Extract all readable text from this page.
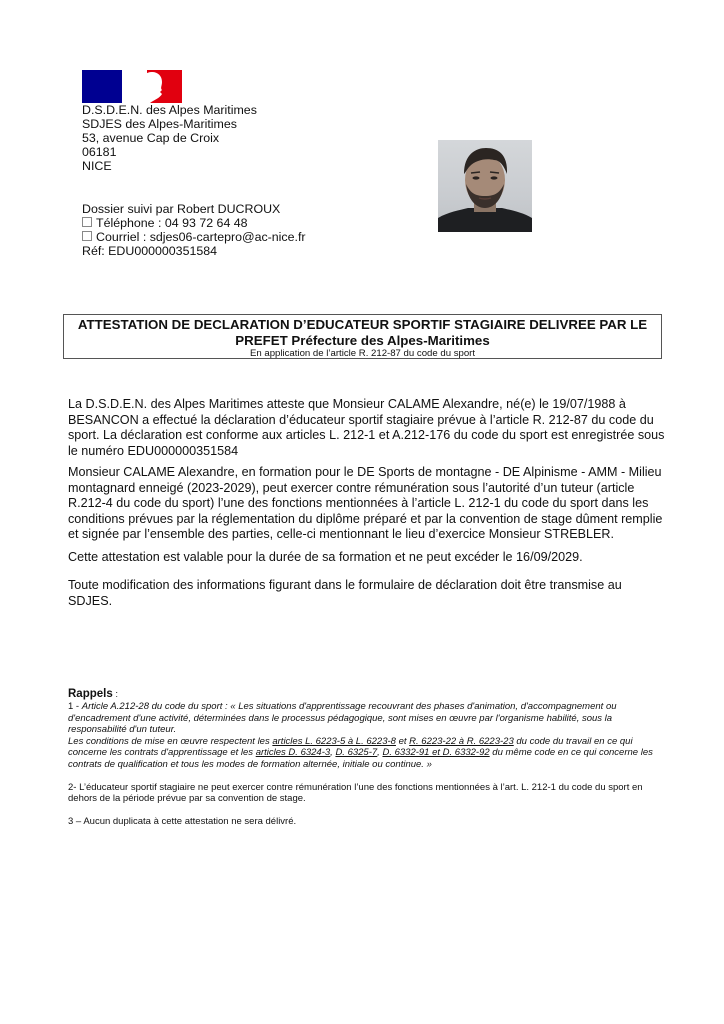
D.S.D.E.N. des Alpes Maritimes
SDJES des Alpes-Maritimes
53, avenue Cap de Croix
06181
NICE
Dossier suivi par Robert DUCROUX
Téléphone : 04 93 72 64 48
Courriel : sdjes06-cartepro@ac-nice.fr
Réf: EDU000000351584
ATTESTATION DE DECLARATION D’EDUCATEUR SPORTIF STAGIAIRE DELIVREE PAR LE
PREFET Préfecture des Alpes-Maritimes
En application de l’article R. 212-87 du code du sport
La D.S.D.E.N. des Alpes Maritimes atteste que Monsieur CALAME Alexandre, né(e) le 19/07/1988 à BESANCON a effectué la déclaration d’éducateur sportif stagiaire prévue à l’article R. 212-87 du code du sport. La déclaration est conforme aux articles L. 212-1 et A.212-176 du code du sport est enregistrée sous le numéro EDU000000351584
Monsieur CALAME Alexandre, en formation pour le DE Sports de montagne - DE Alpinisme - AMM - Milieu montagnard enneigé (2023-2029), peut exercer contre rémunération sous l’autorité d’un tuteur (article R.212-4 du code du sport) l’une des fonctions mentionnées à l’article L. 212-1 du code du sport dans les conditions prévues par la réglementation du diplôme préparé et par la convention de stage dûment remplie et signée par l’ensemble des parties, celle-ci mentionnant le lieu d’exercice Monsieur STREBLER.
Cette attestation est valable pour la durée de sa formation et ne peut excéder le 16/09/2029.
Toute modification des informations figurant dans le formulaire de déclaration doit être transmise au SDJES.
Rappels :
1 - Article A.212-28 du code du sport : « Les situations d'apprentissage recouvrant des phases d'animation, d'accompagnement ou d'encadrement d'une activité, déterminées dans le processus pédagogique, sont mises en œuvre par l'organisme habilité, sous la responsabilité d'un tuteur.
Les conditions de mise en œuvre respectent les articles L. 6223-5 à L. 6223-8 et R. 6223-22 à R. 6223-23 du code du travail en ce qui concerne les contrats d'apprentissage et les articles D. 6324-3, D. 6325-7, D. 6332-91 et D. 6332-92 du même code en ce qui concerne les contrats de qualification et tous les modes de formation alternée, initiale ou continue. »
2- L’éducateur sportif stagiaire ne peut exercer contre rémunération l’une des fonctions mentionnées à l’art. L. 212-1 du code du sport en dehors de la période prévue par sa convention de stage.
3 – Aucun duplicata à cette attestation ne sera délivré.
